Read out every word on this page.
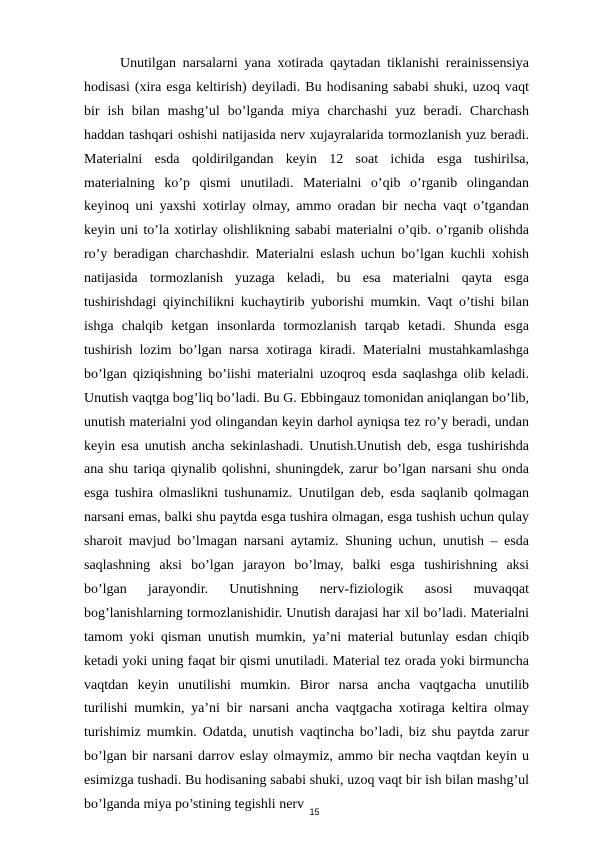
Unutilgan narsalarni yana xotirada qaytadan tiklanishi rerainissensiya hodisasi (xira esga keltirish) deyiladi. Bu hodisaning sababi shuki, uzoq vaqt bir ish bilan mashg’ul bo’lganda miya charchashi yuz beradi. Charchash haddan tashqari oshishi natijasida nerv xujayralarida tormozlanish yuz beradi. Materialni esda qoldirilgandan keyin 12 soat ichida esga tushirilsa, materialning ko’p qismi unutiladi. Materialni o’qib o’rganib olingandan keyinoq uni yaxshi xotirlay olmay, ammo oradan bir necha vaqt o’tgandan keyin uni to’la xotirlay olishlikning sababi materialni o’qib. o’rganib olishda ro’y beradigan charchashdir. Materialni eslash uchun bo’lgan kuchli xohish natijasida tormozlanish yuzaga keladi, bu esa materialni qayta esga tushirishdagi qiyinchilikni kuchaytirib yuborishi mumkin. Vaqt o’tishi bilan ishga chalqib ketgan insonlarda tormozlanish tarqab ketadi. Shunda esga tushirish lozim bo’lgan narsa xotiraga kiradi. Materialni mustahkamlashga bo’lgan qiziqishning bo’iishi materialni uzoqroq esda saqlashga olib keladi. Unutish vaqtga bog’liq bo’ladi. Bu G. Ebbingauz tomonidan aniqlangan bo’lib, unutish materialni yod olingandan keyin darhol ayniqsa tez ro’y beradi, undan keyin esa unutish ancha sekinlashadi. Unutish.Unutish deb, esga tushirishda ana shu tariqa qiynalib qolishni, shuningdek, zarur bo’lgan narsani shu onda esga tushira olmaslikni tushunamiz. Unutilgan deb, esda saqlanib qolmagan narsani emas, balki shu paytda esga tushira olmagan, esga tushish uchun qulay sharoit mavjud bo’lmagan narsani aytamiz. Shuning uchun, unutish – esda saqlashning aksi bo’lgan jarayon bo’lmay, balki esga tushirishning aksi bo’lgan jarayondir. Unutishning nerv-fiziologik asosi muvaqqat bog’lanishlarning tormozlanishidir. Unutish darajasi har xil bo’ladi. Materialni tamom yoki qisman unutish mumkin, ya’ni material butunlay esdan chiqib ketadi yoki uning faqat bir qismi unutiladi. Material tez orada yoki birmuncha vaqtdan keyin unutilishi mumkin. Biror narsa ancha vaqtgacha unutilib turilishi mumkin, ya’ni bir narsani ancha vaqtgacha xotiraga keltira olmay turishimiz mumkin. Odatda, unutish vaqtincha bo’ladi, biz shu paytda zarur bo’lgan bir narsani darrov eslay olmaymiz, ammo bir necha vaqtdan keyin u esimizga tushadi. Bu hodisaning sababi shuki, uzoq vaqt bir ish bilan mashg’ul bo’lganda miya po’stining tegishli nerv 15
